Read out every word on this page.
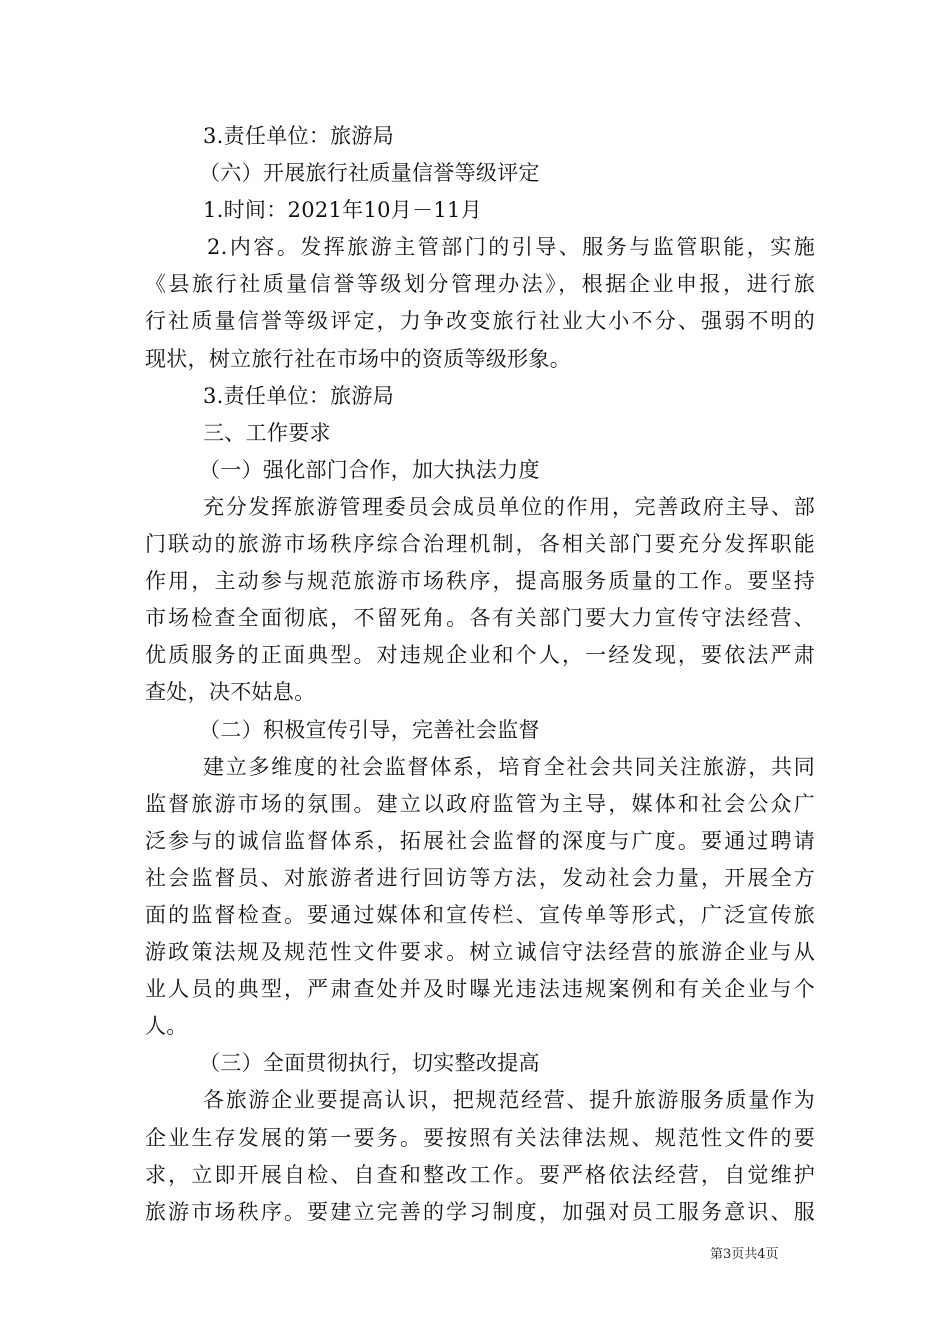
3.责任单位：旅游局
（六）开展旅行社质量信誉等级评定
1.时间：2021年10月－11月
2.内容。发挥旅游主管部门的引导、服务与监管职能，实施
《县旅行社质量信誉等级划分管理办法》，根据企业申报，进行旅
行社质量信誉等级评定，力争改变旅行社业大小不分、强弱不明的
现状，树立旅行社在市场中的资质等级形象。
3.责任单位：旅游局
三、工作要求
（一）强化部门合作，加大执法力度
充分发挥旅游管理委员会成员单位的作用，完善政府主导、部
门联动的旅游市场秩序综合治理机制，各相关部门要充分发挥职能
作用，主动参与规范旅游市场秩序，提高服务质量的工作。要坚持
市场检查全面彻底，不留死角。各有关部门要大力宣传守法经营、
优质服务的正面典型。对违规企业和个人，一经发现，要依法严肃
查处，决不姑息。
（二）积极宣传引导，完善社会监督
建立多维度的社会监督体系，培育全社会共同关注旅游，共同
监督旅游市场的氛围。建立以政府监管为主导，媒体和社会公众广
泛参与的诚信监督体系，拓展社会监督的深度与广度。要通过聘请
社会监督员、对旅游者进行回访等方法，发动社会力量，开展全方
面的监督检查。要通过媒体和宣传栏、宣传单等形式，广泛宣传旅
游政策法规及规范性文件要求。树立诚信守法经营的旅游企业与从
业人员的典型，严肃查处并及时曝光违法违规案例和有关企业与个
人。
（三）全面贯彻执行，切实整改提高
各旅游企业要提高认识，把规范经营、提升旅游服务质量作为
企业生存发展的第一要务。要按照有关法律法规、规范性文件的要
求，立即开展自检、自查和整改工作。要严格依法经营，自觉维护
旅游市场秩序。要建立完善的学习制度，加强对员工服务意识、服
第3页共4页
